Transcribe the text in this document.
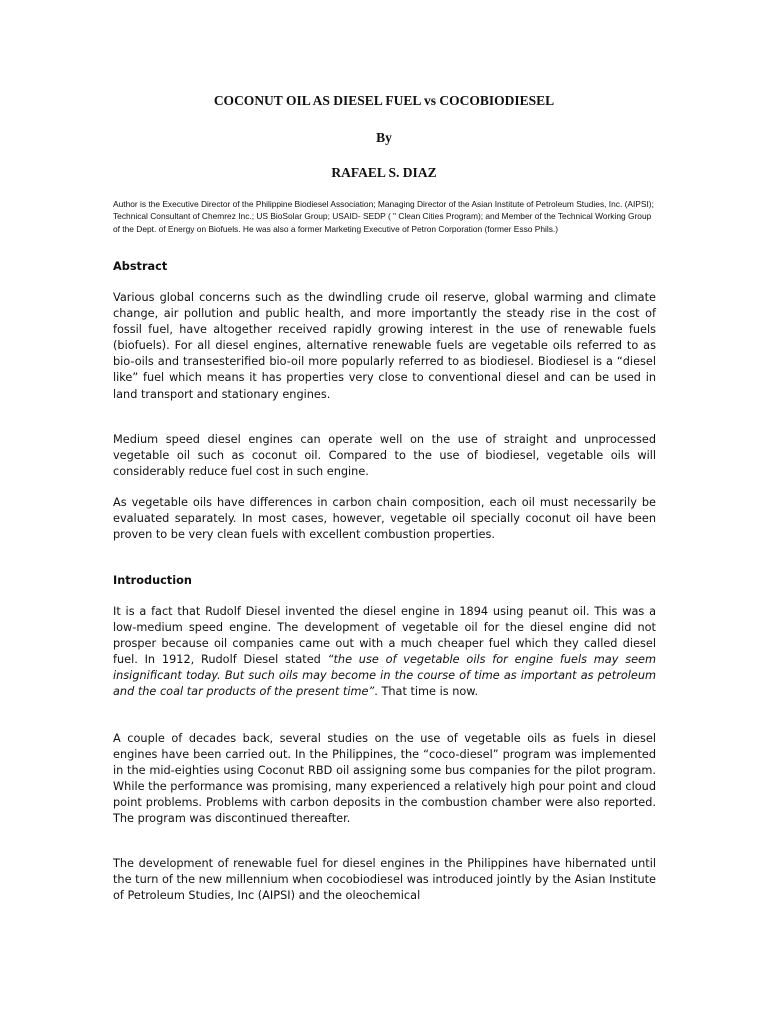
COCONUT OIL AS DIESEL FUEL vs COCOBIODIESEL

By

RAFAEL S. DIAZ

Author is the Executive Director of the Philippine Biodiesel Association; Managing Director of the Asian Institute of Petroleum Studies, Inc. (AIPSI); Technical Consultant of Chemrez Inc.; US BioSolar Group; USAID- SEDP ( " Clean Cities Program); and Member of the Technical Working Group of the Dept. of Energy on Biofuels. He was also a former Marketing Executive of Petron Corporation (former Esso Phils.)

Abstract

Various global concerns such as the dwindling crude oil reserve, global warming and climate change, air pollution and public health, and more importantly the steady rise in the cost of fossil fuel, have altogether received rapidly growing interest in the use of renewable fuels (biofuels). For all diesel engines, alternative renewable fuels are vegetable oils referred to as bio-oils and transesterified bio-oil more popularly referred to as biodiesel. Biodiesel is a “diesel like” fuel which means it has properties very close to conventional diesel and can be used in land transport and stationary engines.

Medium speed diesel engines can operate well on the use of straight and unprocessed vegetable oil such as coconut oil. Compared to the use of biodiesel, vegetable oils will considerably reduce fuel cost in such engine.

As vegetable oils have differences in carbon chain composition, each oil must necessarily be evaluated separately. In most cases, however, vegetable oil specially coconut oil have been proven to be very clean fuels with excellent combustion properties.

Introduction

It is a fact that Rudolf Diesel invented the diesel engine in 1894 using peanut oil. This was a low-medium speed engine. The development of vegetable oil for the diesel engine did not prosper because oil companies came out with a much cheaper fuel which they called diesel fuel. In 1912, Rudolf Diesel stated “the use of vegetable oils for engine fuels may seem insignificant today. But such oils may become in the course of time as important as petroleum and the coal tar products of the present time”. That time is now.

A couple of decades back, several studies on the use of vegetable oils as fuels in diesel engines have been carried out. In the Philippines, the “coco-diesel” program was implemented in the mid-eighties using Coconut RBD oil assigning some bus companies for the pilot program. While the performance was promising, many experienced a relatively high pour point and cloud point problems. Problems with carbon deposits in the combustion chamber were also reported. The program was discontinued thereafter.

The development of renewable fuel for diesel engines in the Philippines have hibernated until the turn of the new millennium when cocobiodiesel was introduced jointly by the Asian Institute of Petroleum Studies, Inc (AIPSI) and the oleochemical
